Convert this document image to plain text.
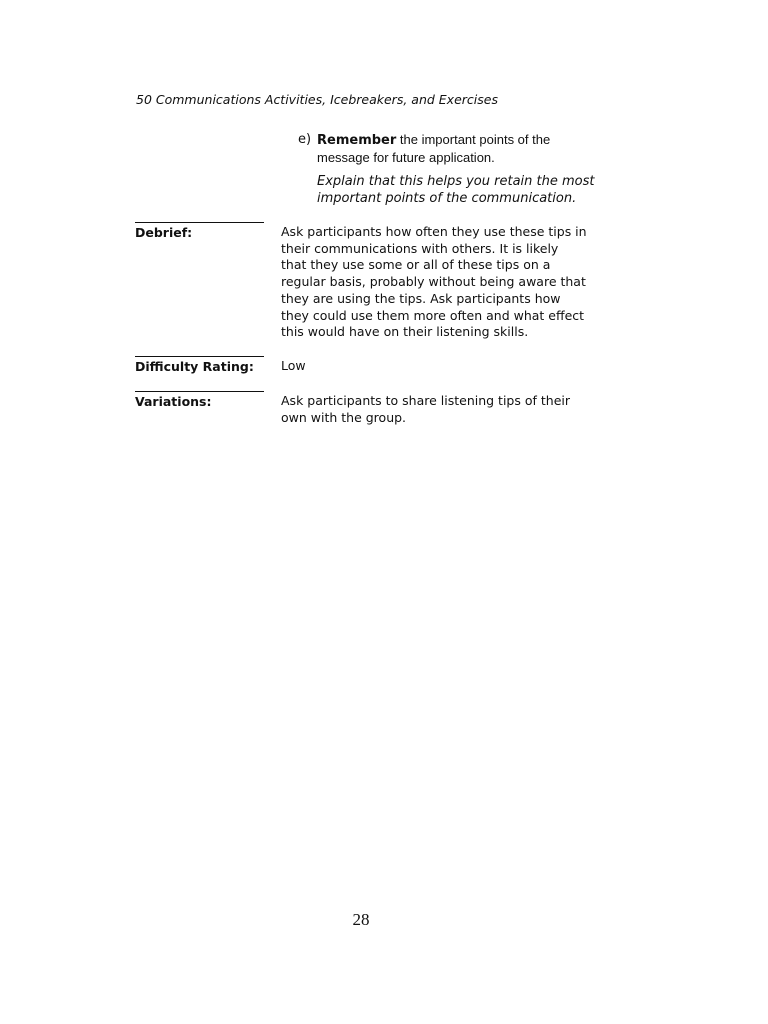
50 Communications Activities, Icebreakers, and Exercises
e) Remember the important points of the message for future application.

Explain that this helps you retain the most important points of the communication.

Debrief:	Ask participants how often they use these tips in their communications with others. It is likely that they use some or all of these tips on a regular basis, probably without being aware that they are using the tips. Ask participants how they could use them more often and what effect this would have on their listening skills.

Difficulty Rating: Low

Variations:	Ask participants to share listening tips of their own with the group.

28
